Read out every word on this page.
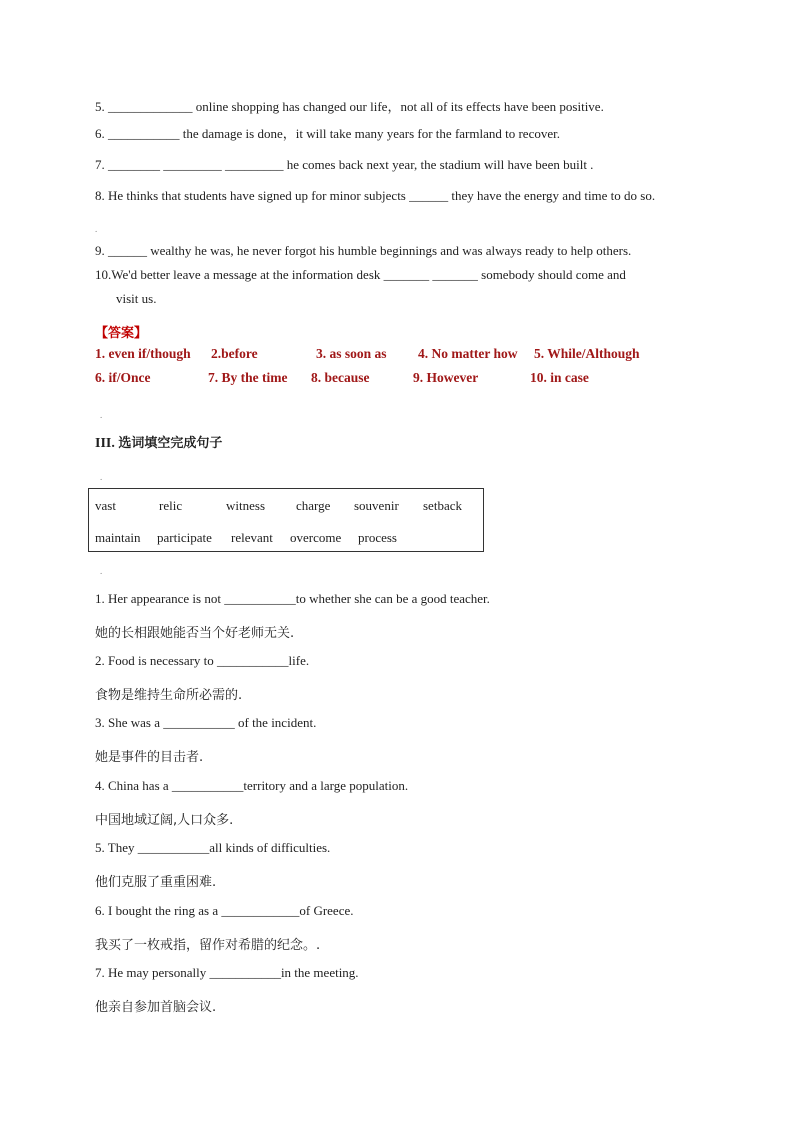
5. _____________ online shopping has changed our life，not all of its effects have been positive.
6. ___________ the damage is done，it will take many years for the farmland to recover.
7. ________ _________ _________ he comes back next year, the stadium will have been built .
8. He thinks that students have signed up for minor subjects ______ they have the energy and time to do so.
.
9. ______ wealthy he was, he never forgot his humble beginnings and was always ready to help others.
10.We'd better leave a message at the information desk _______ _______ somebody should come and
visit us.
【答案】
1. even if/though 2.before	3. as soon as 4. No matter how 5. While/Although
6. if/Once	7. By the time 8. because	9. However	10. in case
.
III. 选词填空完成句子
.
vast	relic	witness charge souvenir setback
maintain participate relevant overcome process
.
1. Her appearance is not ___________to whether she can be a good teacher.
她的长相跟她能否当个好老师无关.
2. Food is necessary to ___________life.
食物是维持生命所必需的.
3. She was a ___________ of the incident.
她是事件的目击者.
4. China has a ___________territory and a large population.
中国地域辽阔,人口众多.
5. They ___________all kinds of difficulties.
他们克服了重重困难.
6. I bought the ring as a ____________of Greece.
我买了一枚戒指，留作对希腊的纪念。.
7. He may personally ___________in the meeting.
他亲自参加首脑会议.
